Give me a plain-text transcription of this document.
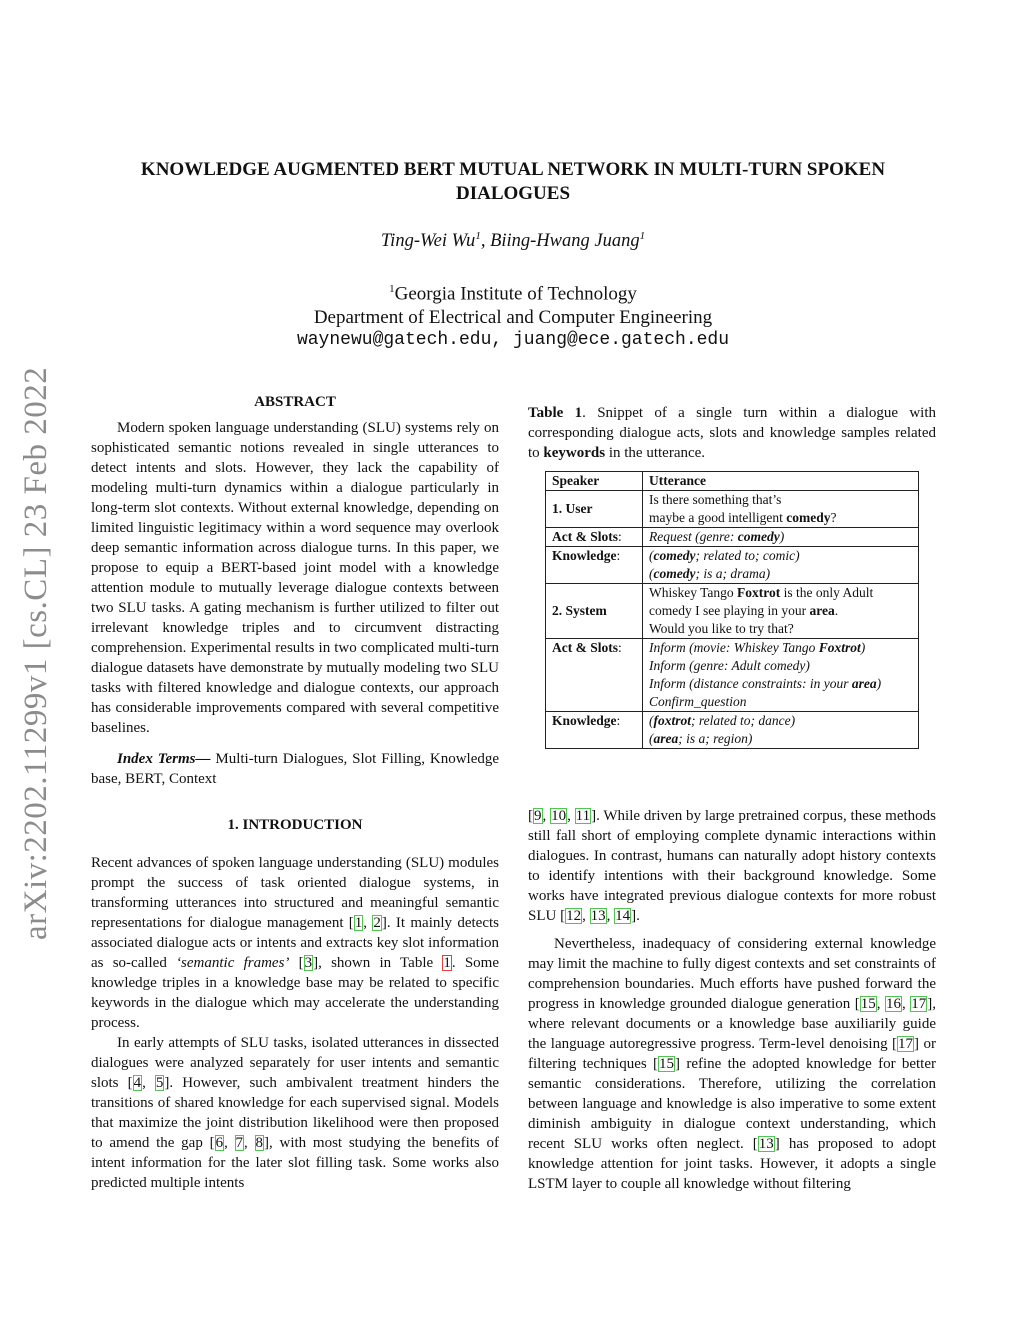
arXiv:2202.11299v1 [cs.CL] 23 Feb 2022
KNOWLEDGE AUGMENTED BERT MUTUAL NETWORK IN MULTI-TURN SPOKEN
DIALOGUES
Ting-Wei Wu$^1$, Biing-Hwang Juang$^1$
$^1$Georgia Institute of Technology
Department of Electrical and Computer Engineering
waynewu@gatech.edu, juang@ece.gatech.edu
ABSTRACT

Modern spoken language understanding (SLU) systems rely on sophisticated semantic notions revealed in single utterances to detect intents and slots. However, they lack the capability of modeling multi-turn dynamics within a dialogue particularly in long-term slot contexts. Without external knowledge, depending on limited linguistic legitimacy within a word sequence may overlook deep semantic information across dialogue turns. In this paper, we propose to equip a BERT-based joint model with a knowledge attention module to mutually leverage dialogue contexts between two SLU tasks. A gating mechanism is further utilized to filter out irrelevant knowledge triples and to circumvent distracting comprehension. Experimental results in two complicated multi-turn dialogue datasets have demonstrate by mutually modeling two SLU tasks with filtered knowledge and dialogue contexts, our approach has considerable improvements compared with several competitive baselines.

Index Terms— Multi-turn Dialogues, Slot Filling, Knowledge base, BERT, Context

1. INTRODUCTION

Recent advances of spoken language understanding (SLU) modules prompt the success of task oriented dialogue systems, in transforming utterances into structured and meaningful semantic representations for dialogue management [1, 2]. It mainly detects associated dialogue acts or intents and extracts key slot information as so-called ‘semantic frames’ [3], shown in Table 1. Some knowledge triples in a knowledge base may be related to specific keywords in the dialogue which may accelerate the understanding process.

In early attempts of SLU tasks, isolated utterances in dissected dialogues were analyzed separately for user intents and semantic slots [4, 5]. However, such ambivalent treatment hinders the transitions of shared knowledge for each supervised signal. Models that maximize the joint distribution likelihood were then proposed to amend the gap [6, 7, 8], with most studying the benefits of intent information for the later slot filling task. Some works also predicted multiple intents

Table 1. Snippet of a single turn within a dialogue with corresponding dialogue acts, slots and knowledge samples related to keywords in the utterance.
Speaker	Utterance
1. User	Is there something that’s
maybe a good intelligent comedy?

Act & Slots:	Request (genre: comedy)
Knowledge:	(comedy; related to; comic)
(comedy; is a; drama)

2. System	Whiskey Tango Foxtrot is the only Adult
comedy I see playing in your area.
Would you like to try that?

Act & Slots:	Inform (movie: Whiskey Tango Foxtrot)
Inform (genre: Adult comedy)
Inform (distance constraints: in your area)
Confirm_question

Knowledge:	(foxtrot; related to; dance)
(area; is a; region)

[9, 10, 11]. While driven by large pretrained corpus, these methods still fall short of employing complete dynamic interactions within dialogues. In contrast, humans can naturally adopt history contexts to identify intentions with their background knowledge. Some works have integrated previous dialogue contexts for more robust SLU [12, 13, 14].

Nevertheless, inadequacy of considering external knowledge may limit the machine to fully digest contexts and set constraints of comprehension boundaries. Much efforts have pushed forward the progress in knowledge grounded dialogue generation [15, 16, 17], where relevant documents or a knowledge base auxiliarily guide the language autoregressive progress. Term-level denoising [17] or filtering techniques [15] refine the adopted knowledge for better semantic considerations. Therefore, utilizing the correlation between language and knowledge is also imperative to some extent diminish ambiguity in dialogue context understanding, which recent SLU works often neglect. [13] has proposed to adopt knowledge attention for joint tasks. However, it adopts a single LSTM layer to couple all knowledge without filtering
